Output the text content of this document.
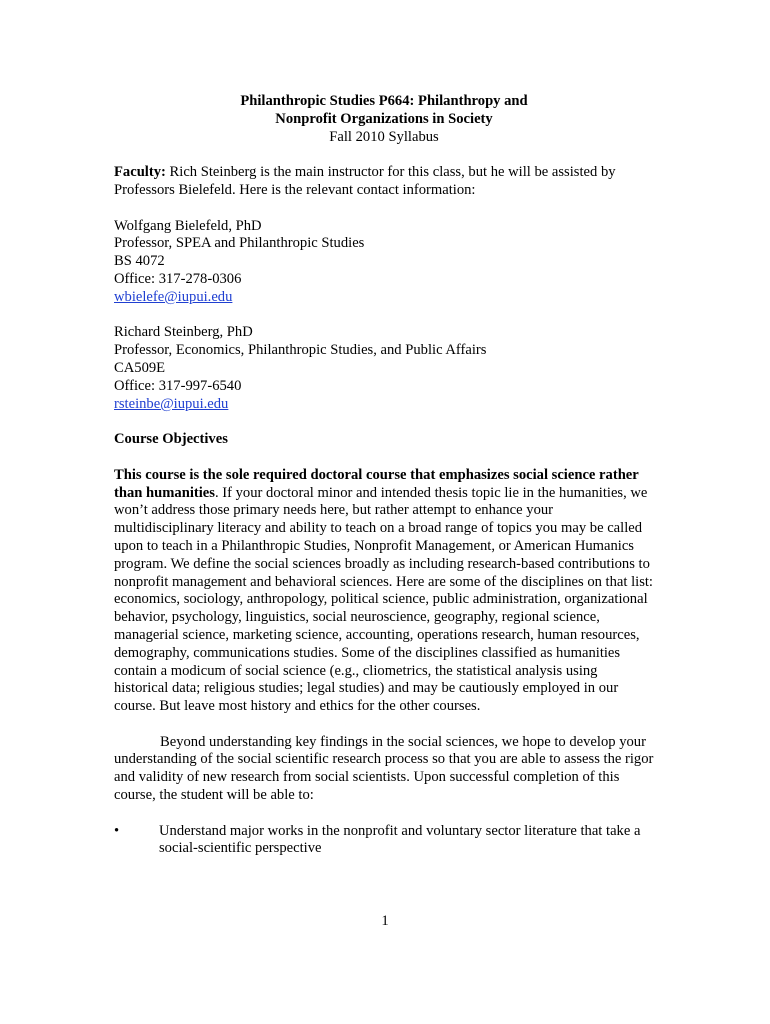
Philanthropic Studies P664: Philanthropy and
Nonprofit Organizations in Society
Fall 2010 Syllabus

Faculty: Rich Steinberg is the main instructor for this class, but he will be assisted by Professors Bielefeld. Here is the relevant contact information:

Wolfgang Bielefeld, PhD
Professor, SPEA and Philanthropic Studies
BS 4072
Office: 317-278-0306
wbielefe@iupui.edu
Richard Steinberg, PhD
Professor, Economics, Philanthropic Studies, and Public Affairs
CA509E
Office: 317-997-6540
rsteinbe@iupui.edu

Course Objectives

This course is the sole required doctoral course that emphasizes social science rather than humanities. If your doctoral minor and intended thesis topic lie in the humanities, we won’t address those primary needs here, but rather attempt to enhance your multidisciplinary literacy and ability to teach on a broad range of topics you may be called upon to teach in a Philanthropic Studies, Nonprofit Management, or American Humanics program. We define the social sciences broadly as including research-based contributions to nonprofit management and behavioral sciences. Here are some of the disciplines on that list: economics, sociology, anthropology, political science, public administration, organizational behavior, psychology, linguistics, social neuroscience, geography, regional science, managerial science, marketing science, accounting, operations research, human resources, demography, communications studies. Some of the disciplines classified as humanities contain a modicum of social science (e.g., cliometrics, the statistical analysis using historical data; religious studies; legal studies) and may be cautiously employed in our course. But leave most history and ethics for the other courses.

Beyond understanding key findings in the social sciences, we hope to develop your understanding of the social scientific research process so that you are able to assess the rigor and validity of new research from social scientists. Upon successful completion of this course, the student will be able to:

•	Understand major works in the nonprofit and voluntary sector literature that take a social-scientific perspective
1
